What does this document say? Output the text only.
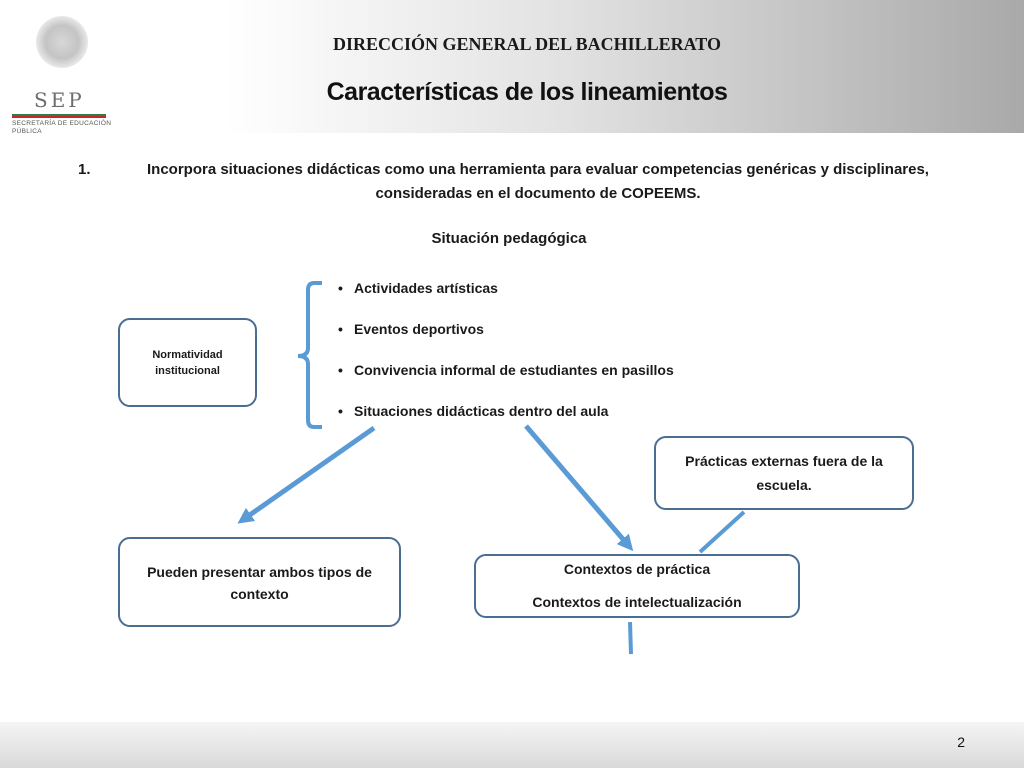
SEP
SECRETARÍA DE EDUCACIÓN PÚBLICA
DIRECCIÓN GENERAL DEL BACHILLERATO
Características de los lineamientos
1.	Incorpora situaciones didácticas como una herramienta para evaluar competencias genéricas y disciplinares, consideradas en el documento de COPEEMS.
Situación pedagógica
• Actividades artísticas
• Eventos deportivos
• Convivencia informal de estudiantes en pasillos
• Situaciones didácticas dentro del aula
Normatividad institucional
Pueden presentar ambos tipos de contexto
Contextos de práctica
Contextos de intelectualización
Prácticas externas fuera de la escuela.
2
